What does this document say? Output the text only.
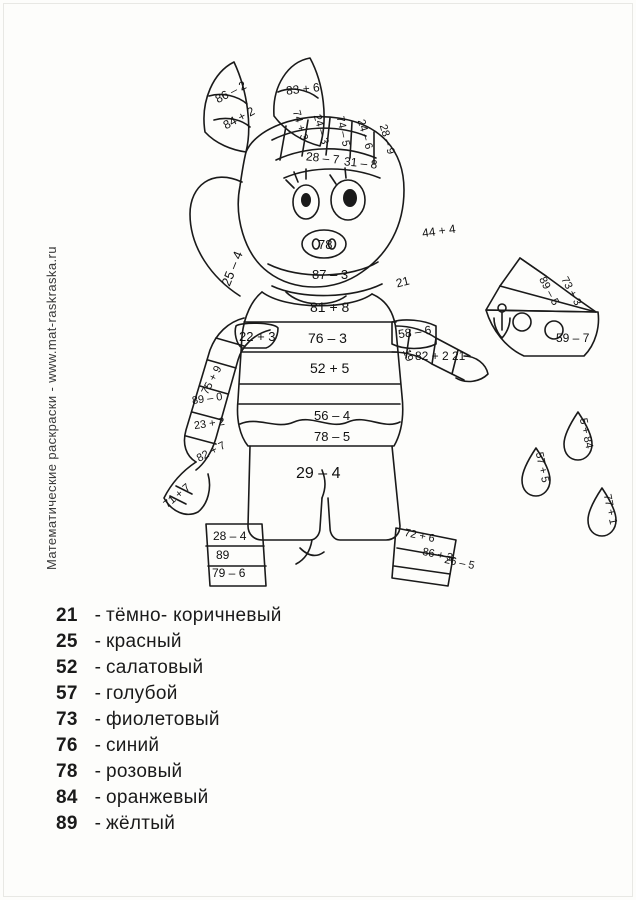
Математические раскраски - www.mat-raskraska.ru
86 – 2	83 + 6
84 + 2	74 + 3 24 – 3 74 – 5 24 – 6 28 – 9
28 – 7 31 – 8
44 + 4
25 – 4
78
87 – 3	21	89 – 5
73 + 3
81 + 8
22 + 3 76 – 3	58 – 6	59 – 7
19 82 + 2 21
52 + 5
75 + 9
89 – 0
23 + 2
56 – 4
78 – 5
82 + 7
29 – 4
71 + 7
28 – 4
89
79 – 6
72 + 6
86 + 3
26 – 5
5 + 84
57 + 5
77 + 1
21 - тёмно- коричневый
25 - красный
52 - салатовый
57 - голубой
73 - фиолетовый
76 - синий
78 - розовый
84 - оранжевый
89 - жёлтый
